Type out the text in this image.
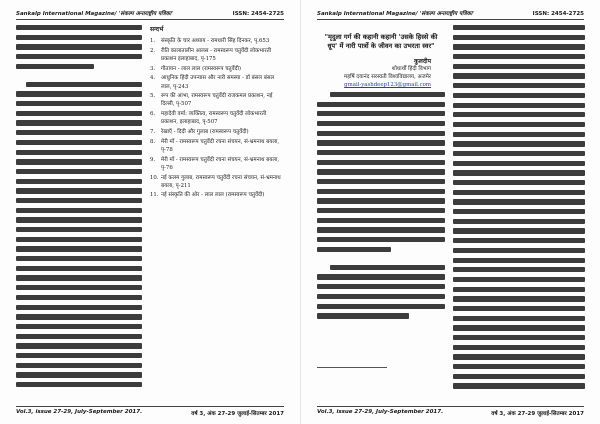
Sankalp International Magazine/ 'संकल्प अन्तराष्ट्रीय पत्रिका'	ISSN: 2454-2725
सन्दर्भ
1.	संस्कृति के चार अध्याय - रामधारी सिंह दिनकर, पृ.653
2.	रीति कालातालीन आलस - रामस्वरूप चतुर्वेदी लोकभारती प्रकाशन इलाहाबाद, पृ-175
3.	गीतायन - लाल लाल (रामस्वरूप चतुर्वेदी)
4.	आधुनिक हिंदी उपन्यास और नारी समस्या - डॉ बंसल बंसल लाल, पृ-243
5.	रूप की आभा, रामस्वरूप चतुर्वेदी राजकमल प्रकाशन, नई दिल्ली, पृ-507
6.	महादेवी वर्मा: व्यक्तित्व, रामस्वरूप चतुर्वेदी लोकभारती प्रकाशन, इलाहाबाद, पृ-507
7.	रेखाएँ - दिदी और गुलाब (रामस्वरूप चतुर्वेदी)
8.	मेरी माँ - रामस्वरूप चतुर्वेदी रचना संचयन, सं-भ्रमनाथ बयला, पृ-78
9.	मेरी माँ - रामस्वरूप चतुर्वेदी रचना संचयन, सं-भ्रमनाथ बयला, पृ-76
10. नई कलम गुलाब, रामस्वरूप चतुर्वेदी रचना संचयन, सं-भ्रमनाथ बयला, पृ-211
11. नई संस्कृति की ओर - लाल लाल (रामस्वरूप चतुर्वेदी)
Vol.3, issue 27-29, July-September 2017.	वर्ष 3, अंक 27-29 जुलाई-सितम्बर 2017
Sankalp International Magazine/ 'संकल्प अन्तराष्ट्रीय पत्रिका'	ISSN: 2454-2725
"मृदुला गर्ग की कहानी कहानी 'उसके हिस्से की धूप' में नारी पात्रों के जीवन का उभरता स्वर"
कुलदीप
शोधार्थी हिंदी विभाग
महर्षि दयानंद सरस्वती विश्वविद्यालय, अजमेर
gmail-yashdeep123@gmail.com
Vol.3, issue 27-29, July-September 2017.	वर्ष 3, अंक 27-29 जुलाई-सितम्बर 2017
